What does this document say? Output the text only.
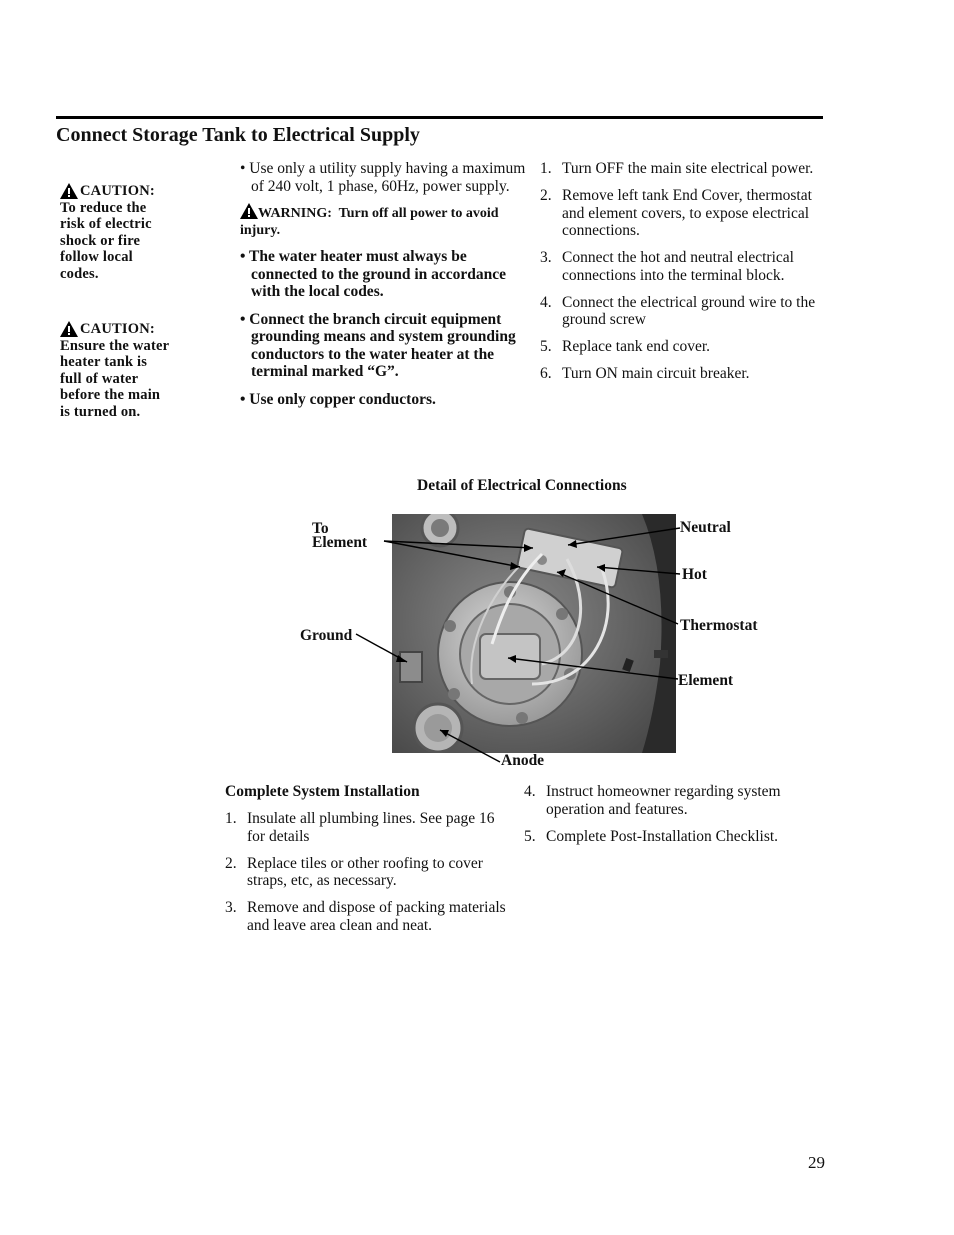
Connect Storage Tank to Electrical Supply
CAUTION:
To reduce the
risk of electric
shock or fire
follow local
codes.
CAUTION:
Ensure the water
heater tank is
full of water
before the main
is turned on.

• Use only a utility supply having a maximum of 240 volt, 1 phase, 60Hz, power supply.

WARNING: Turn off all power to avoid injury.

• The water heater must always be connected to the ground in accordance with the local codes.

• Connect the branch circuit equipment grounding means and system grounding conductors to the water heater at the terminal marked “G”.

• Use only copper conductors.

1. Turn OFF the main site electrical power.
2. Remove left tank End Cover, thermostat and element covers, to expose electrical connections.
3. Connect the hot and neutral electrical connections into the terminal block.
4. Connect the electrical ground wire to the ground screw
5. Replace tank end cover.
6. Turn ON main circuit breaker.
Detail of Electrical Connections
To
Element
Neutral
Hot
Thermostat
Ground
Element
Anode
Complete System Installation
1. Insulate all plumbing lines. See page 16 for details
2. Replace tiles or other roofing to cover straps, etc, as necessary.
3. Remove and dispose of packing materials and leave area clean and neat.
4. Instruct homeowner regarding system operation and features.
5. Complete Post-Installation Checklist.
29
